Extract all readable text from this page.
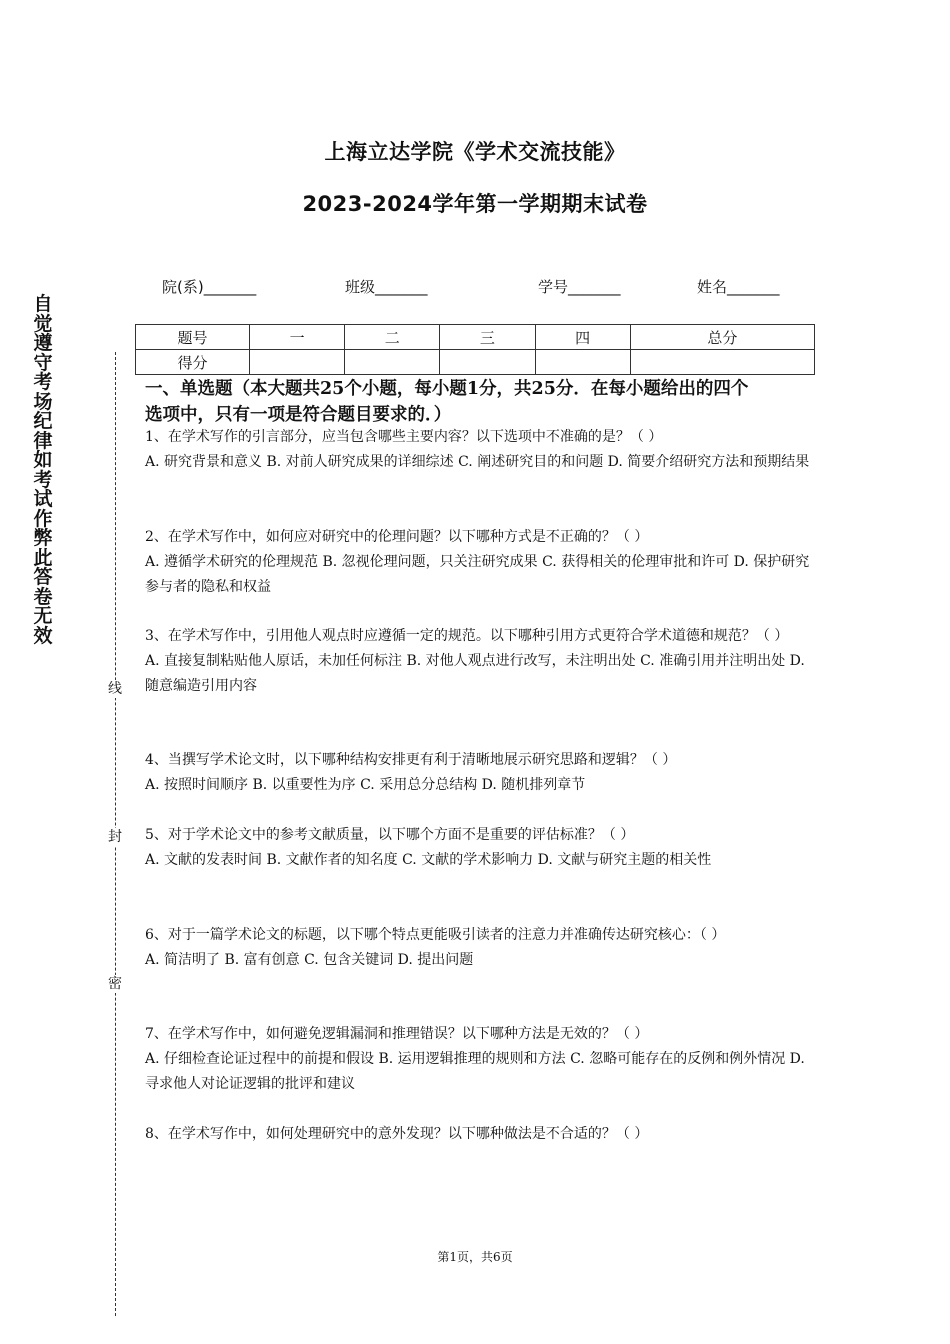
上海立达学院《学术交流技能》
2023-2024学年第一学期期末试卷
院(系)_______	班级_______	学号_______	姓名_______
题号	一	二	三	四	总分
得分					
自觉遵守考场纪律如考试作弊此答卷无效
线
封
密
一、单选题（本大题共25个小题，每小题1分，共25分．在每小题给出的四个
选项中，只有一项是符合题目要求的．）
1、在学术写作的引言部分，应当包含哪些主要内容？以下选项中不准确的是？（ ）
A. 研究背景和意义 B. 对前人研究成果的详细综述 C. 阐述研究目的和问题 D. 简要介绍研究方法和预期结果
2、在学术写作中，如何应对研究中的伦理问题？以下哪种方式是不正确的？（ ）
A. 遵循学术研究的伦理规范 B. 忽视伦理问题，只关注研究成果 C. 获得相关的伦理审批和许可 D. 保护研究参与者的隐私和权益
3、在学术写作中，引用他人观点时应遵循一定的规范。以下哪种引用方式更符合学术道德和规范？（ ）
A. 直接复制粘贴他人原话，未加任何标注 B. 对他人观点进行改写，未注明出处 C. 准确引用并注明出处 D. 随意编造引用内容
4、当撰写学术论文时，以下哪种结构安排更有利于清晰地展示研究思路和逻辑？（ ）
A. 按照时间顺序 B. 以重要性为序 C. 采用总分总结构 D. 随机排列章节
5、对于学术论文中的参考文献质量，以下哪个方面不是重要的评估标准？（ ）
A. 文献的发表时间 B. 文献作者的知名度 C. 文献的学术影响力 D. 文献与研究主题的相关性
6、对于一篇学术论文的标题，以下哪个特点更能吸引读者的注意力并准确传达研究核心：（ ）
A. 简洁明了 B. 富有创意 C. 包含关键词 D. 提出问题
7、在学术写作中，如何避免逻辑漏洞和推理错误？以下哪种方法是无效的？（ ）
A. 仔细检查论证过程中的前提和假设 B. 运用逻辑推理的规则和方法 C. 忽略可能存在的反例和例外情况 D. 寻求他人对论证逻辑的批评和建议
8、在学术写作中，如何处理研究中的意外发现？以下哪种做法是不合适的？（ ）
第1页，共6页
